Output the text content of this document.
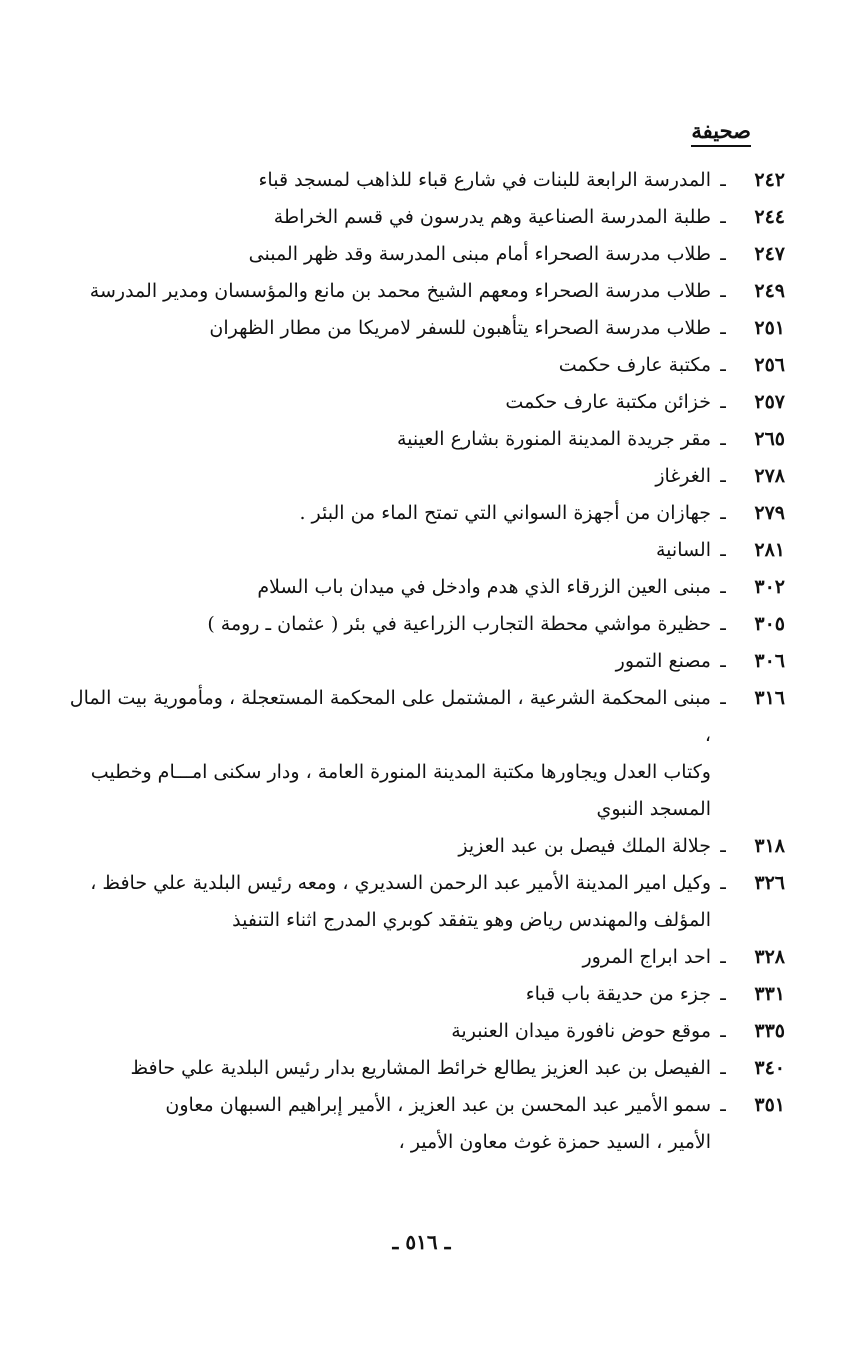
صحيفة
٢٤٢
ـ
المدرسة الرابعة للبنات في شارع قباء للذاهب لمسجد قباء
٢٤٤
ـ
طلبة المدرسة الصناعية وهم يدرسون في قسم الخراطة
٢٤٧
ـ
طلاب مدرسة الصحراء أمام مبنى المدرسة وقد ظهر المبنى
٢٤٩
ـ
طلاب مدرسة الصحراء ومعهم الشيخ محمد بن مانع والمؤسسان ومدير المدرسة
٢٥١
ـ
طلاب مدرسة الصحراء يتأهبون للسفر لامريكا من مطار الظهران
٢٥٦
ـ
مكتبة عارف حكمت
٢٥٧
ـ
خزائن مكتبة عارف حكمت
٢٦٥
ـ
مقر جريدة المدينة المنورة بشارع العينية
٢٧٨
ـ
الغرغاز
٢٧٩
ـ
جهازان من أجهزة السواني التي تمتح الماء من البئر .
٢٨١
ـ
السانية
٣٠٢
ـ
مبنى العين الزرقاء الذي هدم وادخل في ميدان باب السلام
٣٠٥
ـ
حظيرة مواشي محطة التجارب الزراعية في بئر ( عثمان ـ رومة )
٣٠٦
ـ
مصنع التمور
٣١٦
ـ
مبنى المحكمة الشرعية ، المشتمل على المحكمة المستعجلة ، ومأمورية بيت المال ،
وكتاب العدل ويجاورها مكتبة المدينة المنورة العامة ، ودار سكنى امـــام وخطيب
المسجد النبوي
٣١٨
ـ
جلالة الملك فيصل بن عبد العزيز
٣٢٦
ـ
وكيل امير المدينة الأمير عبد الرحمن السديري ، ومعه رئيس البلدية علي حافظ ،
المؤلف والمهندس رياض وهو يتفقد كوبري المدرج اثناء التنفيذ
٣٢٨
ـ
احد ابراج المرور
٣٣١
ـ
جزء من حديقة باب قباء
٣٣٥
ـ
موقع حوض نافورة ميدان العنبرية
٣٤٠
ـ
الفيصل بن عبد العزيز يطالع خرائط المشاريع بدار رئيس البلدية علي حافظ
٣٥١
ـ
سمو الأمير عبد المحسن بن عبد العزيز ، الأمير إبراهيم السبهان معاون
الأمير ، السيد حمزة غوث معاون الأمير ،
ـ ٥١٦ ـ
